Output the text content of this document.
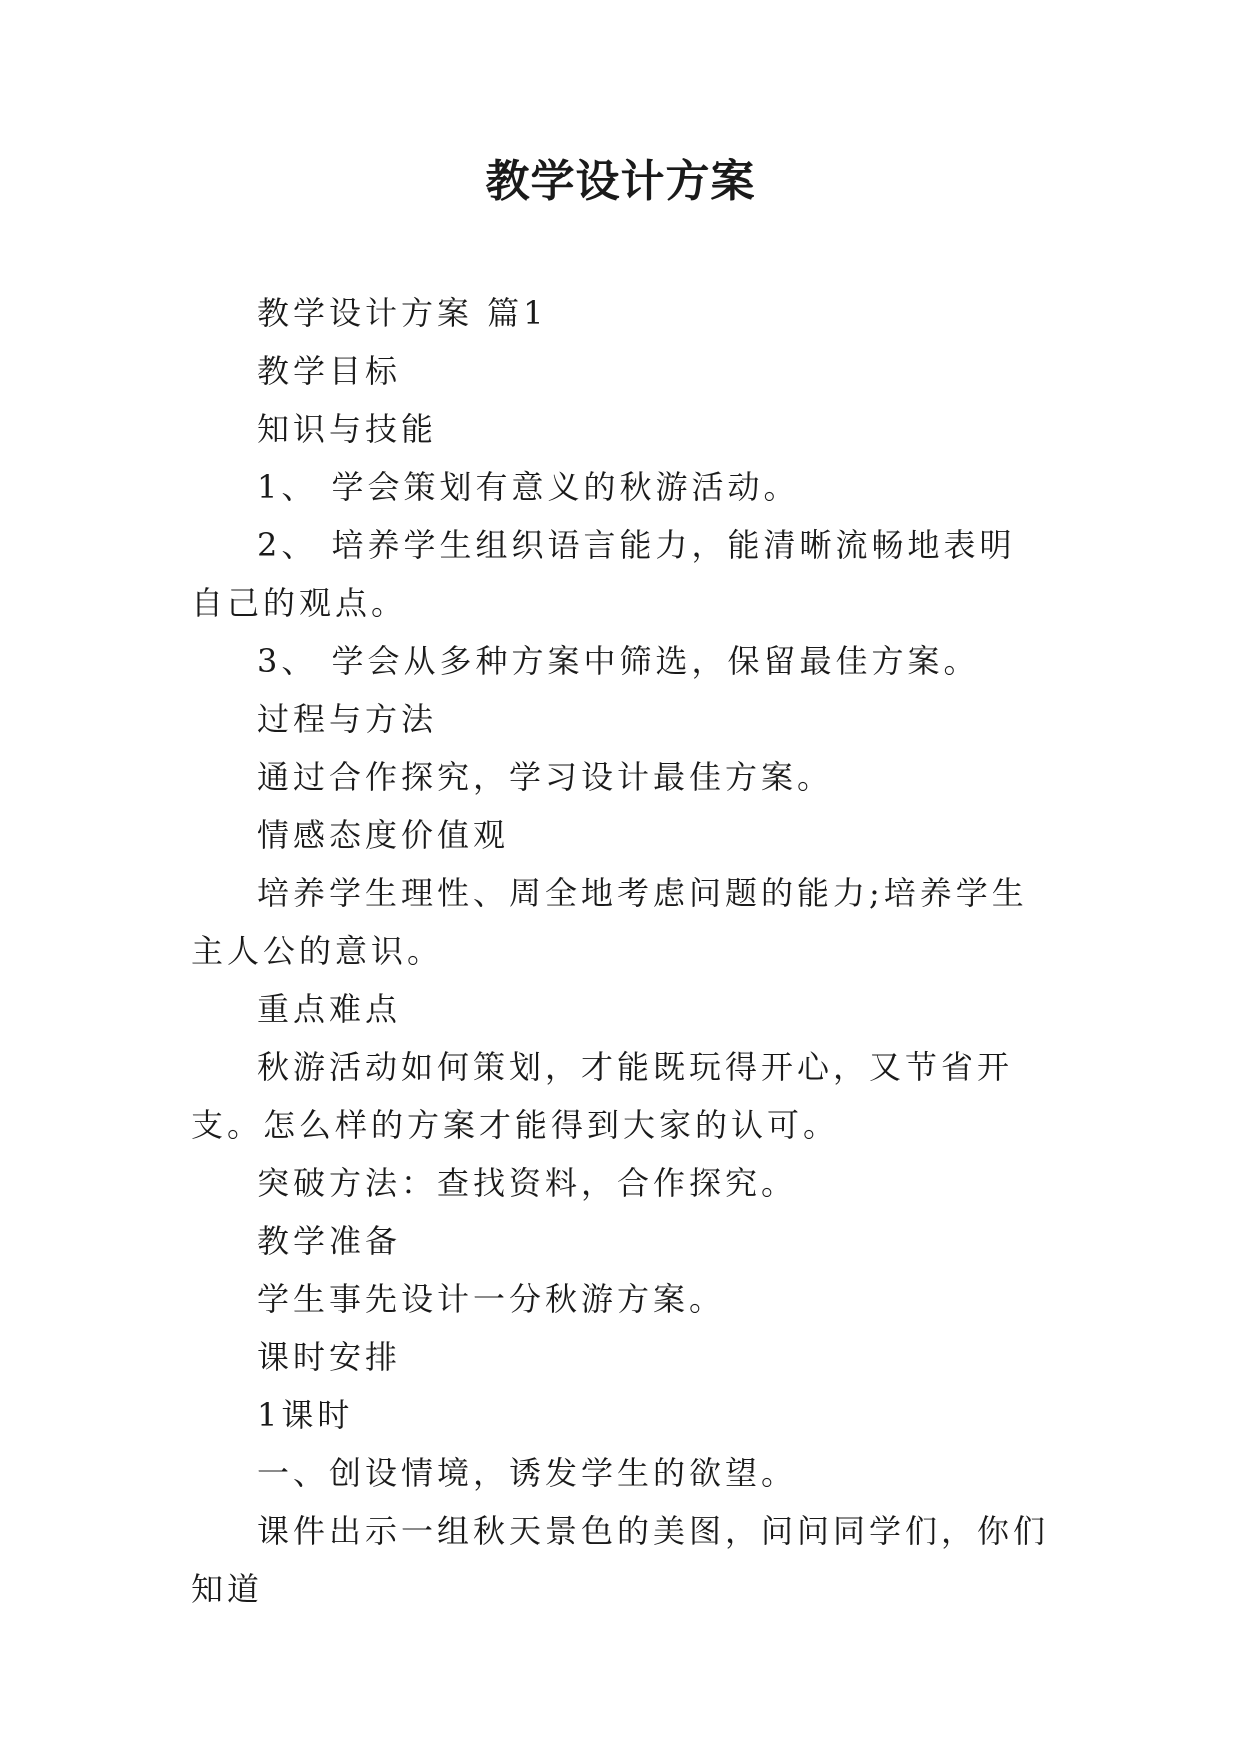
教学设计方案

教学设计方案 篇1

教学目标

知识与技能

1、 学会策划有意义的秋游活动。

2、 培养学生组织语言能力，能清晰流畅地表明自己的观点。

3、 学会从多种方案中筛选，保留最佳方案。

过程与方法

通过合作探究，学习设计最佳方案。

情感态度价值观

培养学生理性、周全地考虑问题的能力;培养学生主人公的意识。

重点难点

秋游活动如何策划，才能既玩得开心，又节省开支。怎么样的方案才能得到大家的认可。

突破方法：查找资料，合作探究。

教学准备

学生事先设计一分秋游方案。

课时安排

1课时

一、创设情境，诱发学生的欲望。

课件出示一组秋天景色的美图，问问同学们，你们知道
